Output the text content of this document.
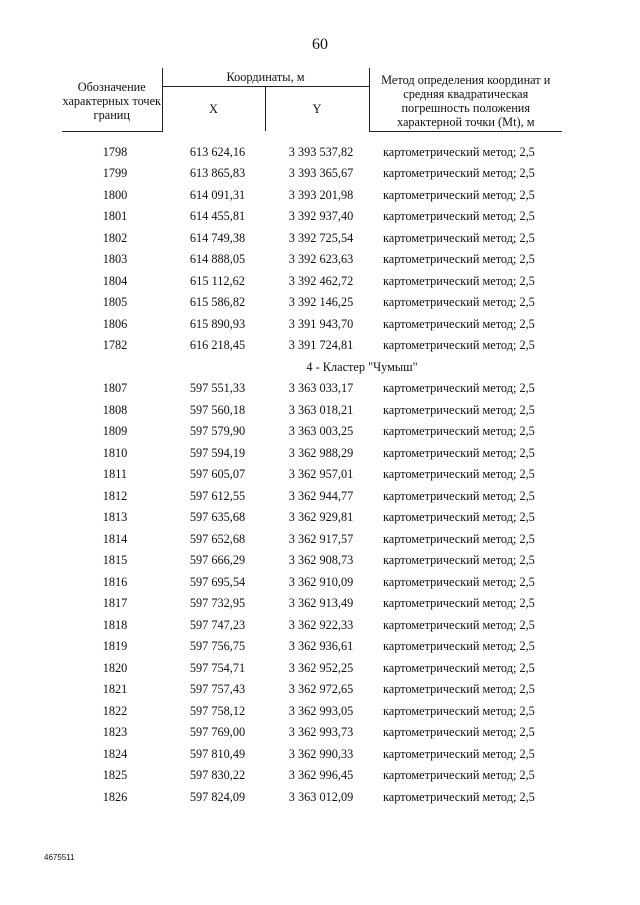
60
Обозначение характерных точек границ	Координаты, м		Метод определения координат и средняя квадратическая погрешность положения характерной точки (Mt), м

	X	Y	

1798	613 624,16	3 393 537,82	картометрический метод; 2,5
1799	613 865,83	3 393 365,67	картометрический метод; 2,5
1800	614 091,31	3 393 201,98	картометрический метод; 2,5
1801	614 455,81	3 392 937,40	картометрический метод; 2,5
1802	614 749,38	3 392 725,54	картометрический метод; 2,5
1803	614 888,05	3 392 623,63	картометрический метод; 2,5
1804	615 112,62	3 392 462,72	картометрический метод; 2,5
1805	615 586,82	3 392 146,25	картометрический метод; 2,5
1806	615 890,93	3 391 943,70	картометрический метод; 2,5
1782	616 218,45	3 391 724,81	картометрический метод; 2,5
4 - Кластер "Чумыш"			
1807	597 551,33	3 363 033,17	картометрический метод; 2,5
1808	597 560,18	3 363 018,21	картометрический метод; 2,5
1809	597 579,90	3 363 003,25	картометрический метод; 2,5
1810	597 594,19	3 362 988,29	картометрический метод; 2,5
1811	597 605,07	3 362 957,01	картометрический метод; 2,5
1812	597 612,55	3 362 944,77	картометрический метод; 2,5
1813	597 635,68	3 362 929,81	картометрический метод; 2,5
1814	597 652,68	3 362 917,57	картометрический метод; 2,5
1815	597 666,29	3 362 908,73	картометрический метод; 2,5
1816	597 695,54	3 362 910,09	картометрический метод; 2,5
1817	597 732,95	3 362 913,49	картометрический метод; 2,5
1818	597 747,23	3 362 922,33	картометрический метод; 2,5
1819	597 756,75	3 362 936,61	картометрический метод; 2,5
1820	597 754,71	3 362 952,25	картометрический метод; 2,5
1821	597 757,43	3 362 972,65	картометрический метод; 2,5
1822	597 758,12	3 362 993,05	картометрический метод; 2,5
1823	597 769,00	3 362 993,73	картометрический метод; 2,5
1824	597 810,49	3 362 990,33	картометрический метод; 2,5
1825	597 830,22	3 362 996,45	картометрический метод; 2,5
1826	597 824,09	3 363 012,09	картометрический метод; 2,5
4675511
